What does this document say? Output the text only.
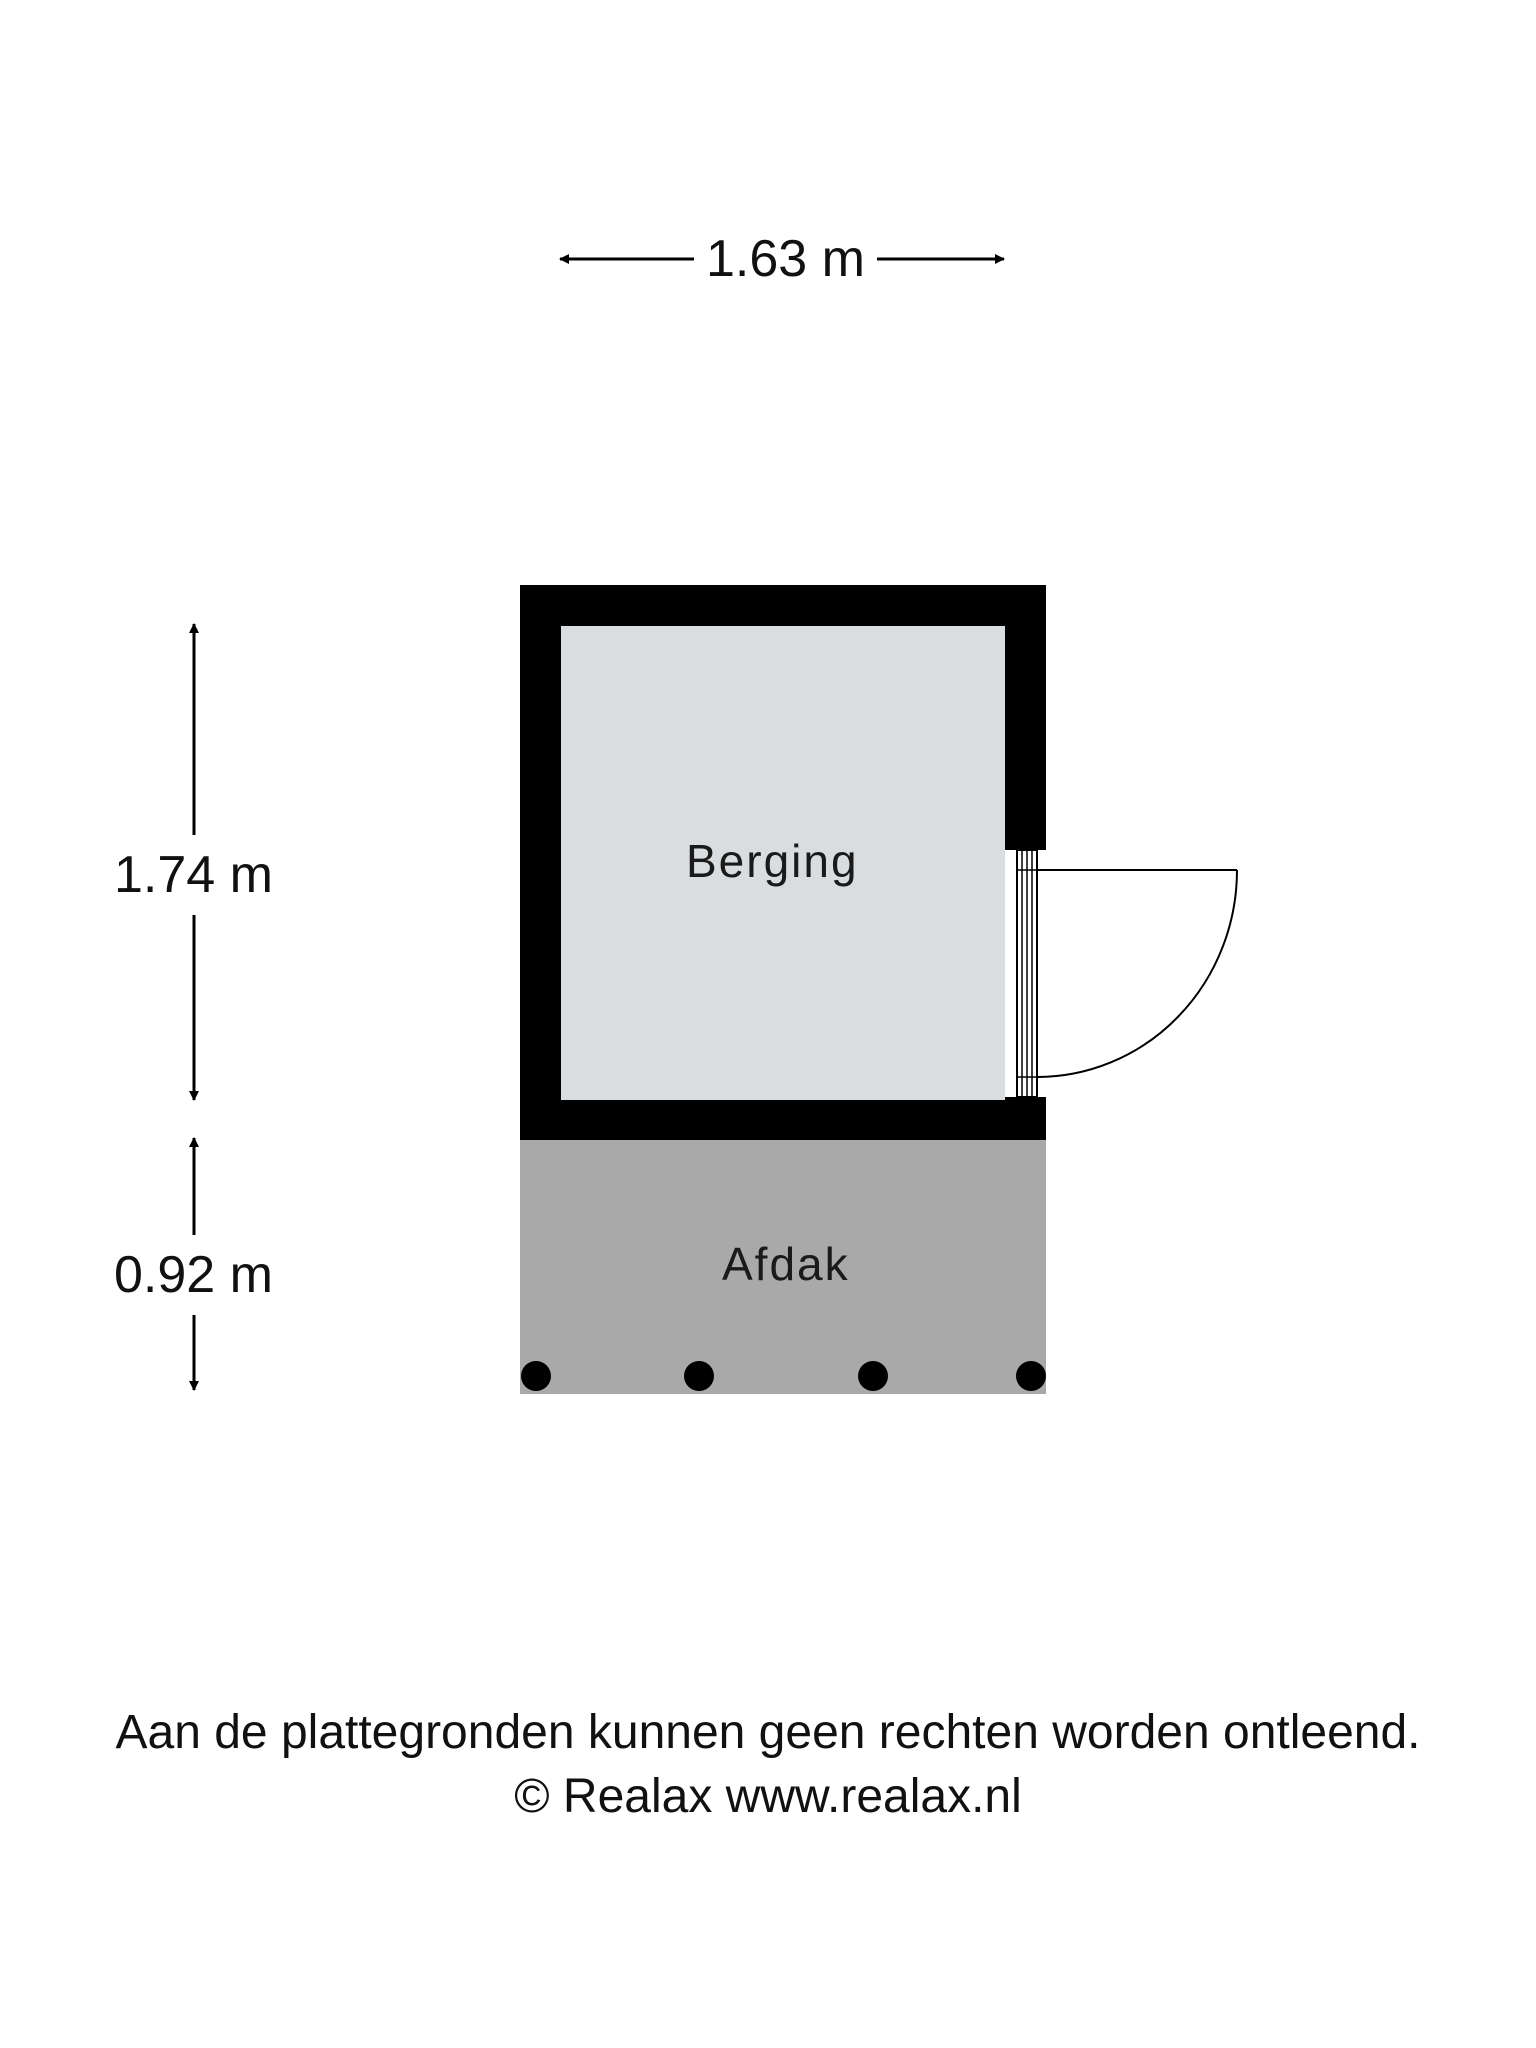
1.63 m
1.74 m
0.92 m
Berging
Afdak
Aan de plattegronden kunnen geen rechten worden ontleend.
© Realax www.realax.nl
